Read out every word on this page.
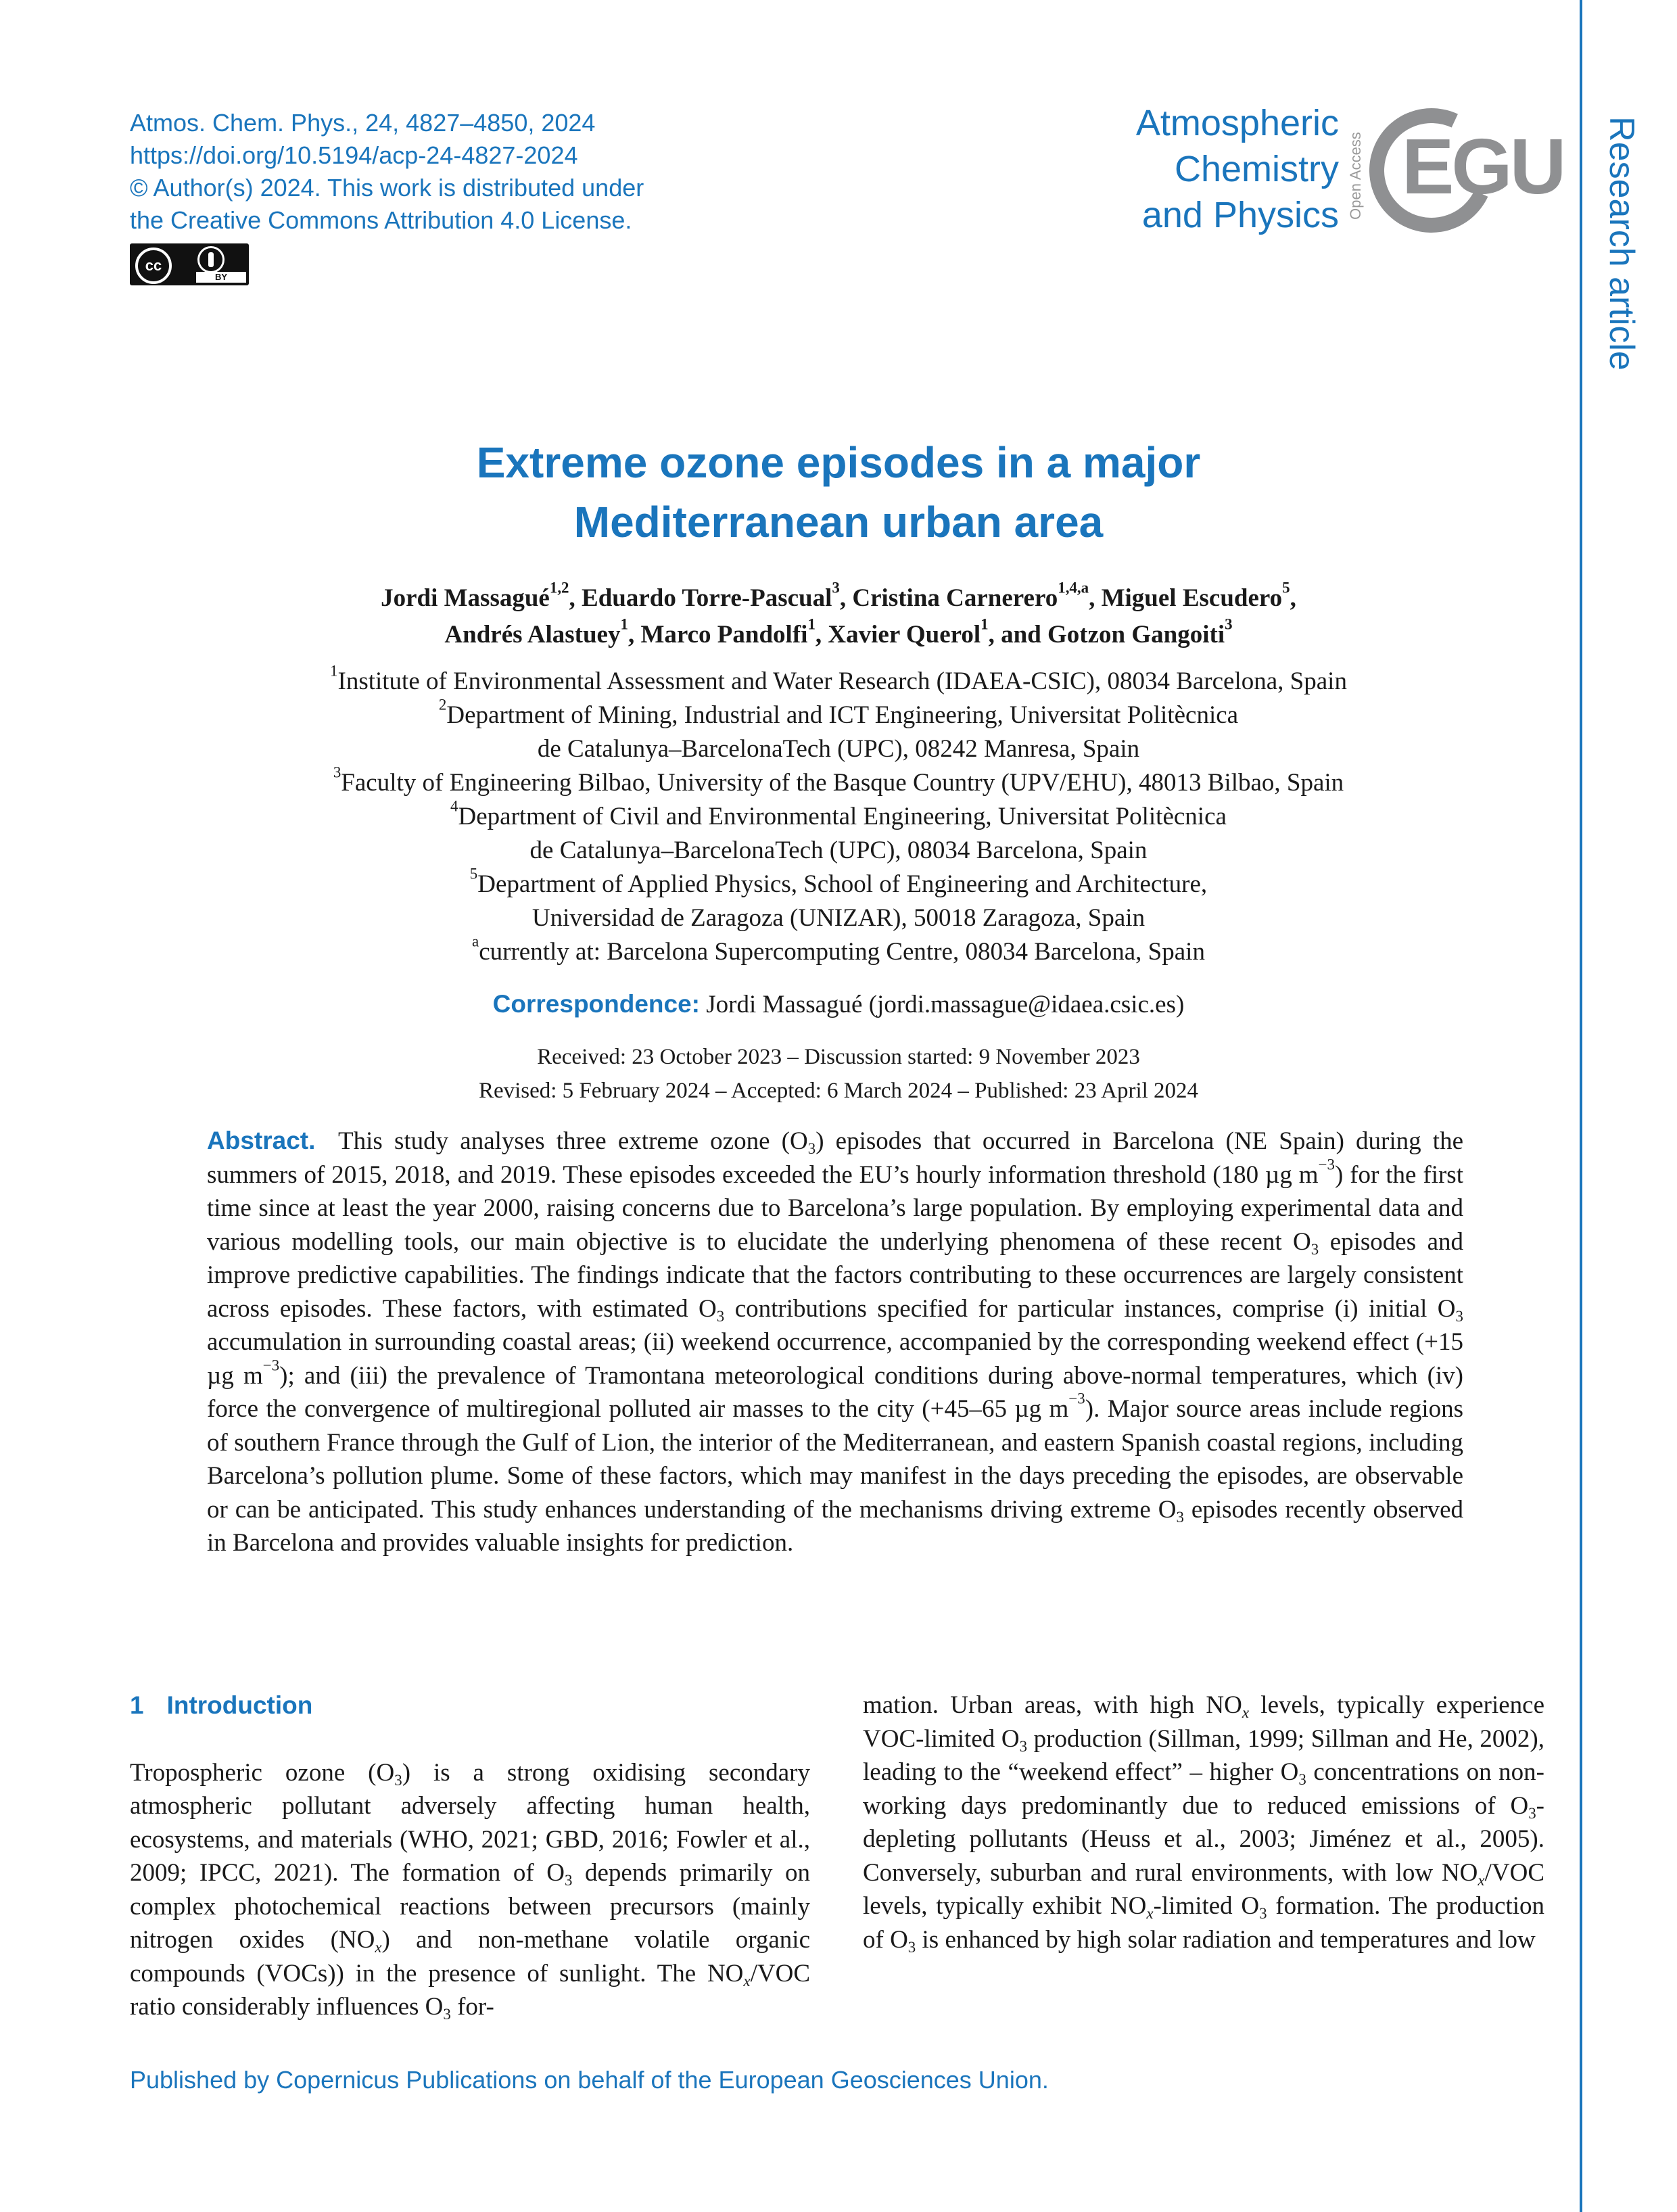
Atmos. Chem. Phys., 24, 4827–4850, 2024
https://doi.org/10.5194/acp-24-4827-2024
© Author(s) 2024. This work is distributed under
the Creative Commons Attribution 4.0 License.
cc
BY
Atmospheric
Chemistry
and Physics Open Access EGU Research article
Extreme ozone episodes in a major
Mediterranean urban area
Jordi Massagué$^{1,2}$, Eduardo Torre-Pascual$^3$, Cristina Carnerero$^{1,4,a}$, Miguel Escudero$^5$,
Andrés Alastuey$^1$, Marco Pandolfi$^1$, Xavier Querol$^1$, and Gotzon Gangoiti$^3$
$^1$Institute of Environmental Assessment and Water Research (IDAEA-CSIC), 08034 Barcelona, Spain
$^2$Department of Mining, Industrial and ICT Engineering, Universitat Politècnica
de Catalunya–BarcelonaTech (UPC), 08242 Manresa, Spain
$^3$Faculty of Engineering Bilbao, University of the Basque Country (UPV/EHU), 48013 Bilbao, Spain
$^4$Department of Civil and Environmental Engineering, Universitat Politècnica
de Catalunya–BarcelonaTech (UPC), 08034 Barcelona, Spain
$^5$Department of Applied Physics, School of Engineering and Architecture,
Universidad de Zaragoza (UNIZAR), 50018 Zaragoza, Spain
$^a$currently at: Barcelona Supercomputing Centre, 08034 Barcelona, Spain
Correspondence: Jordi Massagué (jordi.massague@idaea.csic.es)
Received: 23 October 2023 – Discussion started: 9 November 2023
Revised: 5 February 2024 – Accepted: 6 March 2024 – Published: 23 April 2024
Abstract. This study analyses three extreme ozone $(O_3)$ episodes that occurred in Barcelona (NE Spain) during the summers of 2015, 2018, and 2019. These episodes exceeded the EU’s hourly information threshold (180 µg $m^{-3}$) for the first time since at least the year 2000, raising concerns due to Barcelona’s large population. By employing experimental data and various modelling tools, our main objective is to elucidate the underlying phenomena of these recent $O_3$ episodes and improve predictive capabilities. The findings indicate that the factors contributing to these occurrences are largely consistent across episodes. These factors, with estimated $O_3$ contributions specified for particular instances, comprise (i) initial $O_3$ accumulation in surrounding coastal areas; (ii) weekend occurrence, accompanied by the corresponding weekend effect (+15 µg $m^{-3}$); and (iii) the prevalence of Tramontana meteorological conditions during above-normal temperatures, which (iv) force the convergence of multiregional polluted air masses to the city (+45–65 µg $m^{-3}$). Major source areas include regions of southern France through the Gulf of Lion, the interior of the Mediterranean, and eastern Spanish coastal regions, including Barcelona’s pollution plume. Some of these factors, which may manifest in the days preceding the episodes, are observable or can be anticipated. This study enhances understanding of the mechanisms driving extreme $O_3$ episodes recently observed in Barcelona and provides valuable insights for prediction.
1 Introduction
Tropospheric ozone $(O_3)$ is a strong oxidising secondary atmospheric pollutant adversely affecting human health, ecosystems, and materials (WHO, 2021; GBD, 2016; Fowler et al., 2009; IPCC, 2021). The formation of $O_3$ depends primarily on complex photochemical reactions between precursors (mainly nitrogen oxides $(NO_x)$ and non-methane volatile organic compounds (VOCs)) in the presence of sunlight. The $NO_x$/VOC ratio considerably influences $O_3$ for-
mation. Urban areas, with high $NO_x$ levels, typically experience VOC-limited $O_3$ production (Sillman, 1999; Sillman and He, 2002), leading to the “weekend effect” – higher $O_3$ concentrations on non-working days predominantly due to reduced emissions of $O_3$-depleting pollutants (Heuss et al., 2003; Jiménez et al., 2005). Conversely, suburban and rural environments, with low $NO_x$/VOC levels, typically exhibit $NO_x$-limited $O_3$ formation. The production of $O_3$ is enhanced by high solar radiation and temperatures and low
Published by Copernicus Publications on behalf of the European Geosciences Union.
